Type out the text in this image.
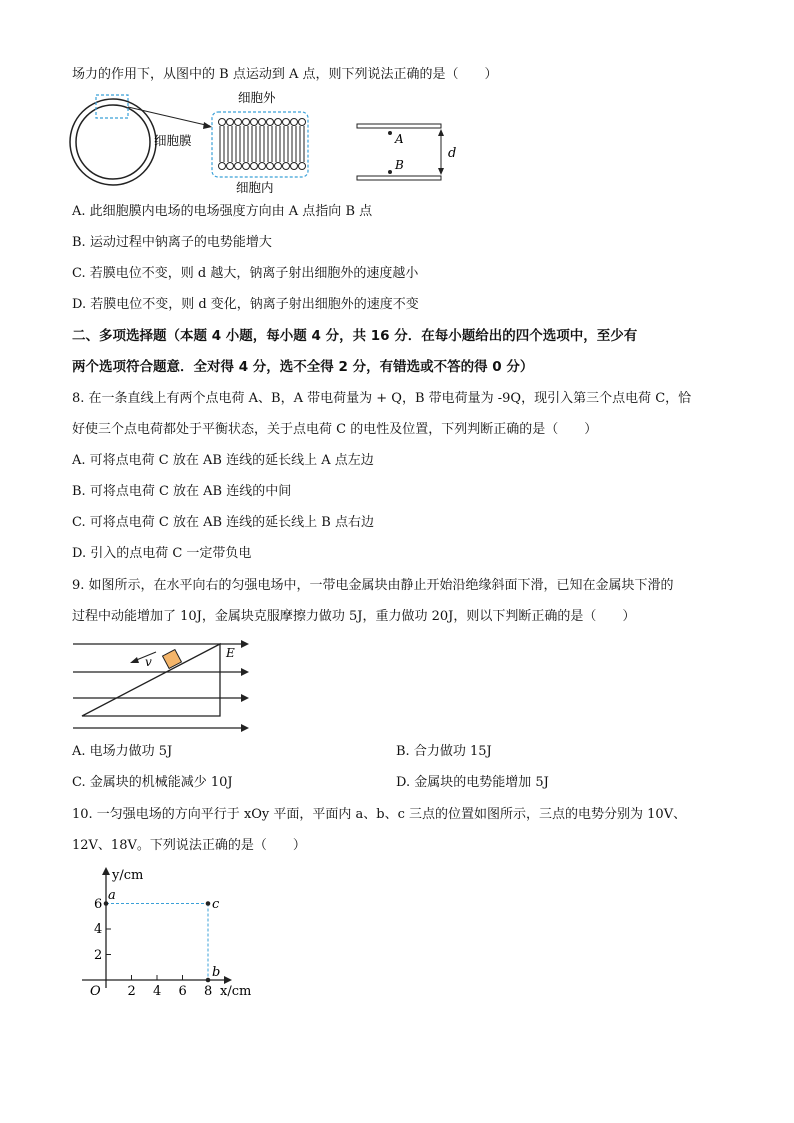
场力的作用下，从图中的 B 点运动到 A 点，则下列说法正确的是（　　）
细胞外
细胞膜
细胞内
A
B
d
A. 此细胞膜内电场的电场强度方向由 A 点指向 B 点
B. 运动过程中钠离子的电势能增大
C. 若膜电位不变，则 d 越大，钠离子射出细胞外的速度越小
D. 若膜电位不变，则 d 变化，钠离子射出细胞外的速度不变
二、多项选择题（本题 4 小题，每小题 4 分，共 16 分．在每小题给出的四个选项中，至少有
两个选项符合题意．全对得 4 分，选不全得 2 分，有错选或不答的得 0 分）
8. 在一条直线上有两个点电荷 A、B，A 带电荷量为 + Q，B 带电荷量为 -9Q，现引入第三个点电荷 C，恰
好使三个点电荷都处于平衡状态，关于点电荷 C 的电性及位置，下列判断正确的是（　　）
A. 可将点电荷 C 放在 AB 连线的延长线上 A 点左边
B. 可将点电荷 C 放在 AB 连线的中间
C. 可将点电荷 C 放在 AB 连线的延长线上 B 点右边
D. 引入的点电荷 C 一定带负电
9. 如图所示，在水平向右的匀强电场中，一带电金属块由静止开始沿绝缘斜面下滑，已知在金属块下滑的
过程中动能增加了 10J，金属块克服摩擦力做功 5J，重力做功 20J，则以下判断正确的是（　　）
v
E
A. 电场力做功 5J	B. 合力做功 15J
C. 金属块的机械能减少 10J	D. 金属块的电势能增加 5J
10. 一匀强电场的方向平行于 xOy 平面，平面内 a、b、c 三点的位置如图所示，三点的电势分别为 10V、
12V、18V。下列说法正确的是（　　）
y/cm
x/cm
O 2 4 6 8
2
4
6
a
c
b
